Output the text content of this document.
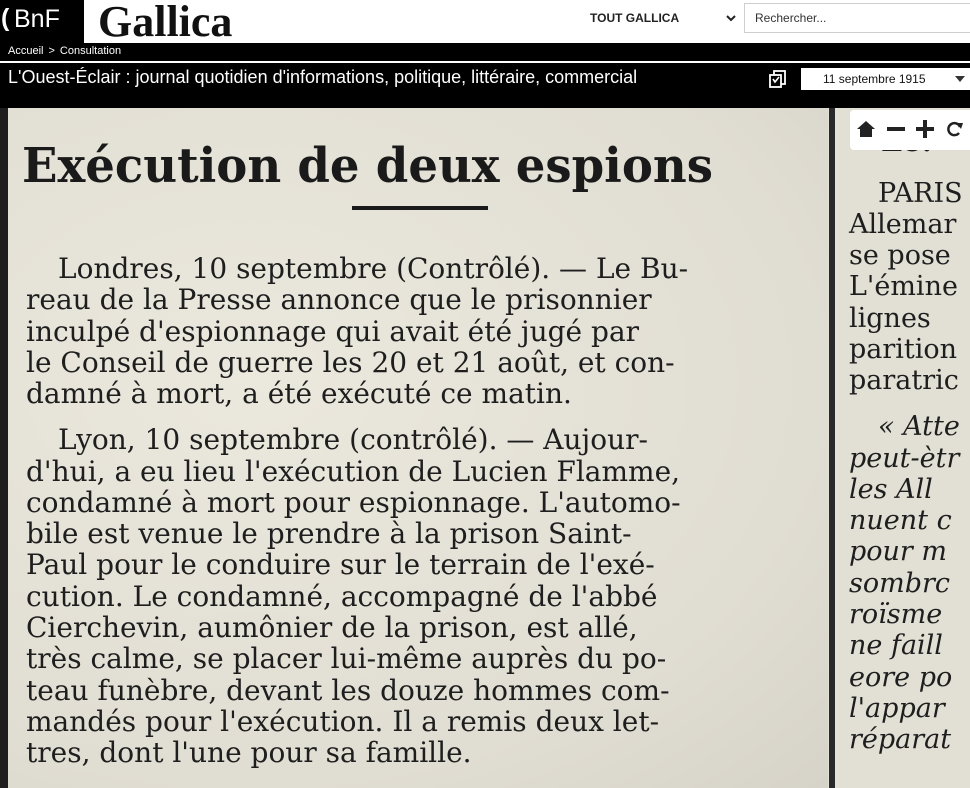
( BnF Gallica	TOUT GALLICA
Rechercher...
Accueil > Consultation
L'Ouest-Éclair : journal quotidien d'informations, politique, littéraire, commercial	11 septembre 1915
Exécution de deux espions
Londres, 10 septembre (Contrôlé). — Le Bu-
reau de la Presse annonce que le prisonnier
inculpé d'espionnage qui avait été jugé par
le Conseil de guerre les 20 et 21 août, et con-
damné à mort, a été exécuté ce matin.
Lyon, 10 septembre (contrôlé). — Aujour-
d'hui, a eu lieu l'exécution de Lucien Flamme,
condamné à mort pour espionnage. L'automo-
bile est venue le prendre à la prison Saint-
Paul pour le conduire sur le terrain de l'exé-
cution. Le condamné, accompagné de l'abbé
Cierchevin, aumônier de la prison, est allé,
très calme, se placer lui-même auprès du po-
teau funèbre, devant les douze hommes com-
mandés pour l'exécution. Il a remis deux let-
tres, dont l'une pour sa famille.
PARIS
Allemar
se pose
L'émine
lignes
parition
paratric
« Atte
peut-ètr
les All
nuent c
pour m
sombrc
roïsme
ne faill
eore po
l'appar
réparat
